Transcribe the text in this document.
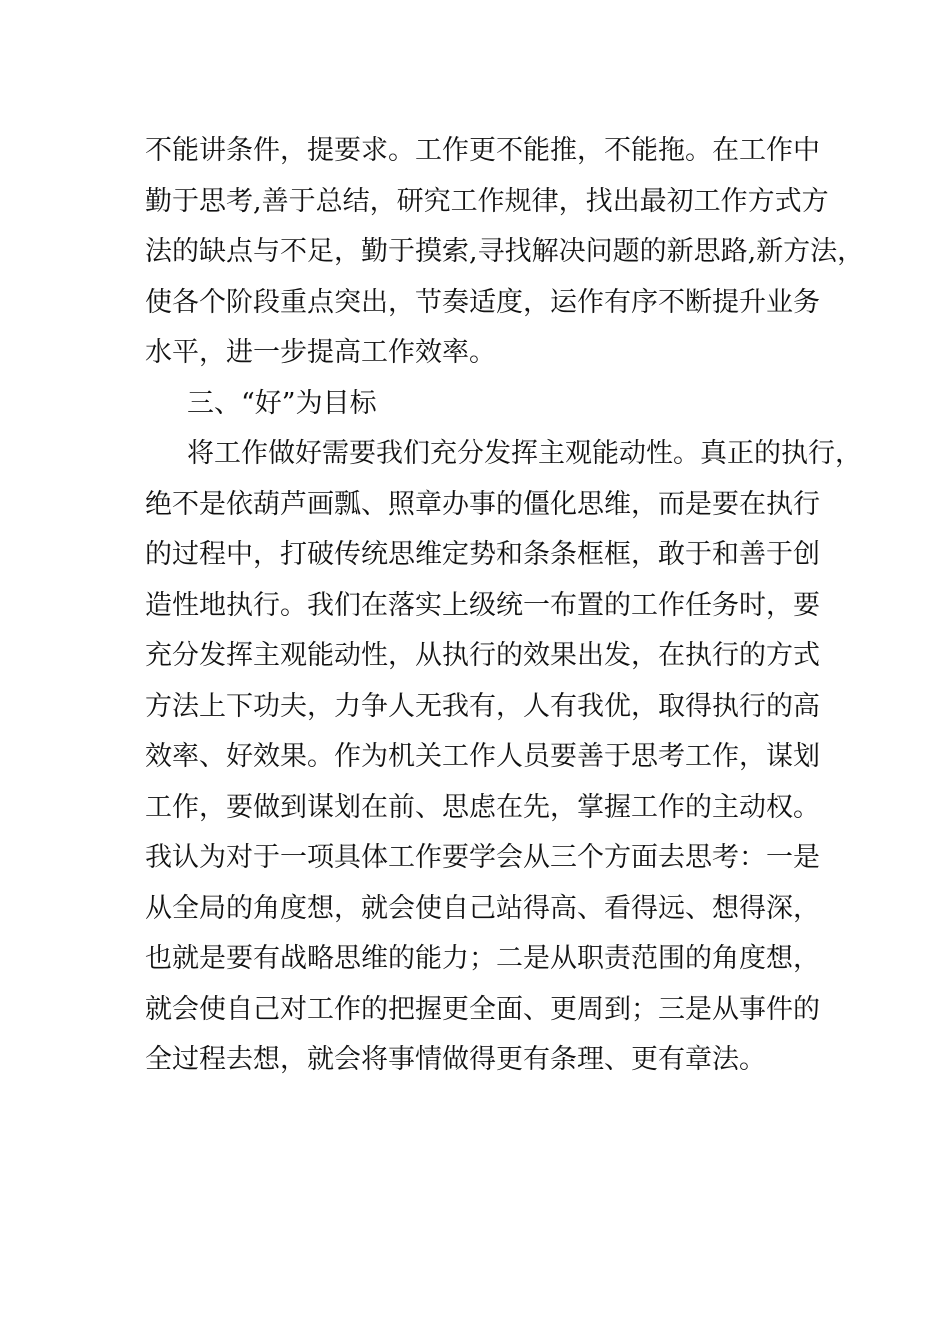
不能讲条件，提要求。工作更不能推，不能拖。在工作中
勤于思考,善于总结，研究工作规律，找出最初工作方式方
法的缺点与不足，勤于摸索,寻找解决问题的新思路,新方法，
使各个阶段重点突出，节奏适度，运作有序不断提升业务
水平，进一步提高工作效率。
三、“好”为目标
将工作做好需要我们充分发挥主观能动性。真正的执行，
绝不是依葫芦画瓢、照章办事的僵化思维，而是要在执行
的过程中，打破传统思维定势和条条框框，敢于和善于创
造性地执行。我们在落实上级统一布置的工作任务时，要
充分发挥主观能动性，从执行的效果出发，在执行的方式
方法上下功夫，力争人无我有，人有我优，取得执行的高
效率、好效果。作为机关工作人员要善于思考工作，谋划
工作，要做到谋划在前、思虑在先，掌握工作的主动权。
我认为对于一项具体工作要学会从三个方面去思考：一是
从全局的角度想，就会使自己站得高、看得远、想得深，
也就是要有战略思维的能力；二是从职责范围的角度想，
就会使自己对工作的把握更全面、更周到；三是从事件的
全过程去想，就会将事情做得更有条理、更有章法。
